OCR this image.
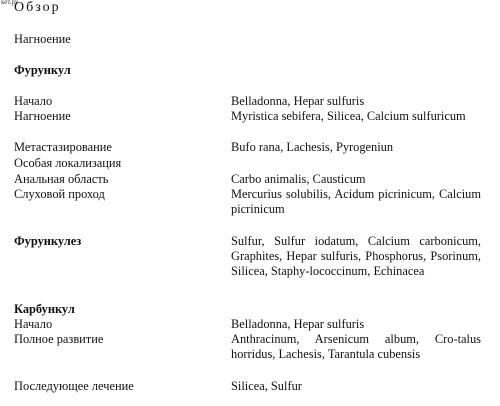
кет.ру
Обзор
Нагноение
Фурункул
Начало	Belladonna, Hepar sulfuris
Нагноение	Myristica sebifera, Silicea, Calcium sulfuricum
Метастазирование	Bufo rana, Lachesis, Pyrogeniun
Особая локализация
Анальная область	Carbo animalis, Causticum
Слуховой проход	Mercurius solubilis, Acidum picrinicum, Calcium picrinicum
Фурункулез	Sulfur, Sulfur iodatum, Calcium carbonicum, Graphites, Hepar sulfuris, Phosphorus, Psorinum, Silicea, Staphy-lococcinum, Echinacea
Карбункул
Начало	Belladonna, Hepar sulfuris
Полное развитие	Anthracinum, Arsenicum album, Cro-talus horridus, Lachesis, Tarantula cubensis
Последующее лечение	Silicea, Sulfur
